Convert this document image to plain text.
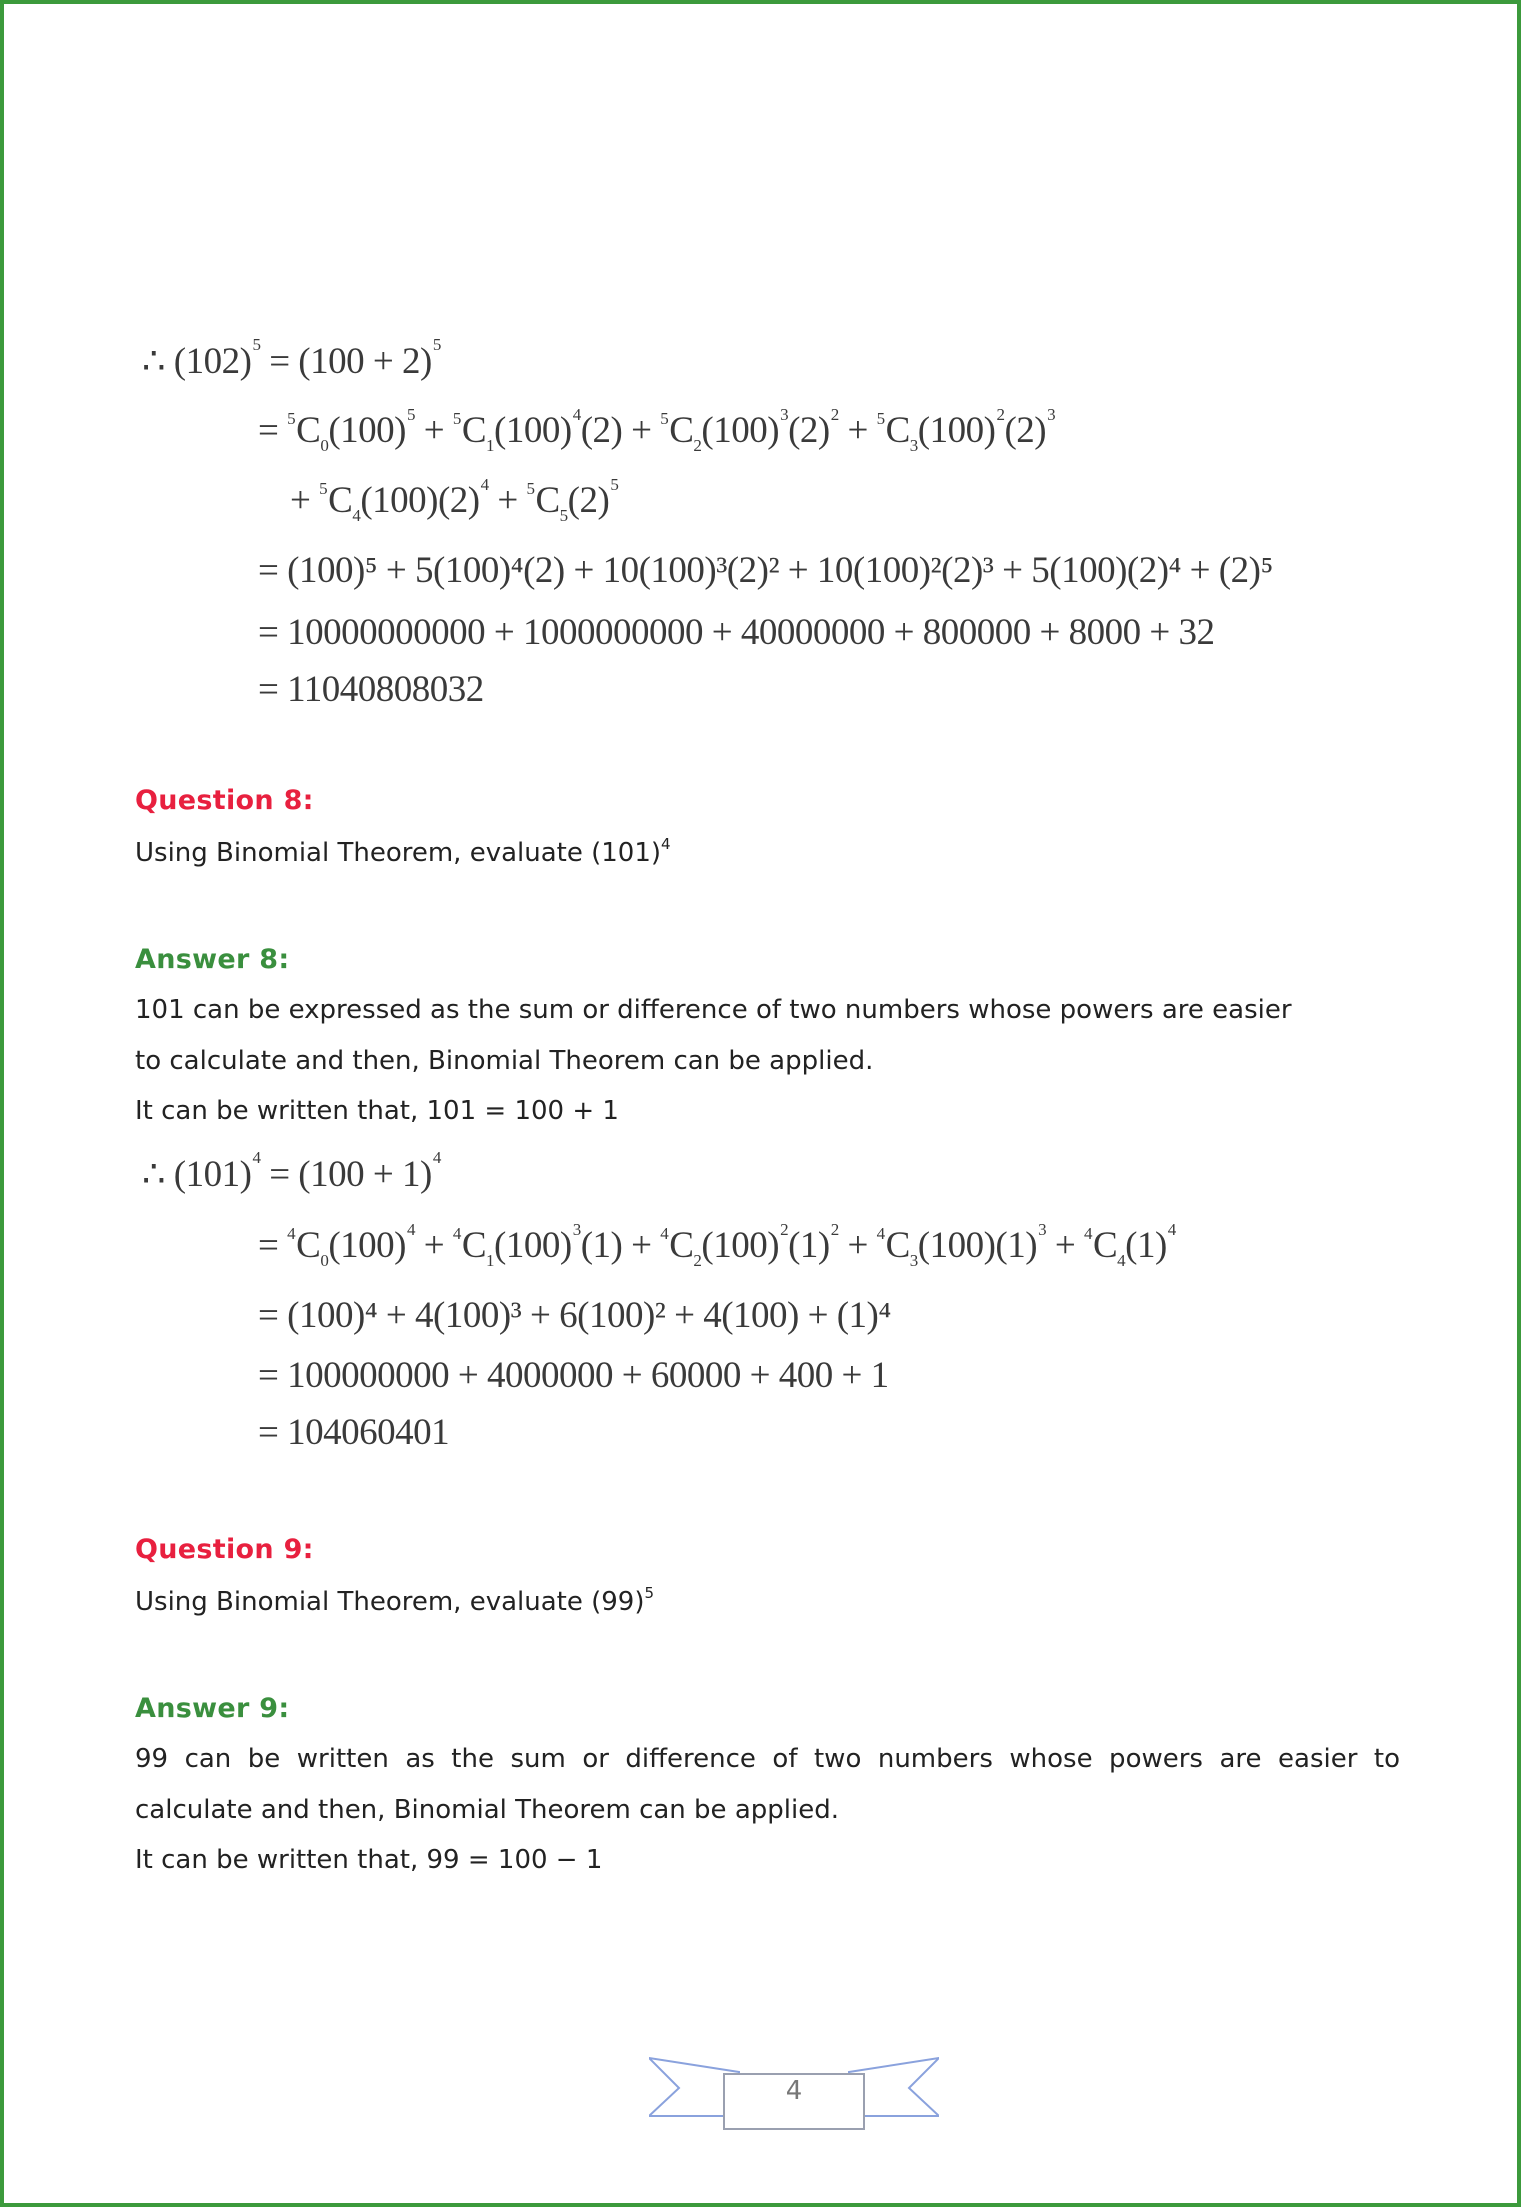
∴ $(102)^5 = (100 + 2)^5$
= $^5C_0(100)^5 + ^5C_1(100)^4(2) + ^5C_2(100)^3(2)^2 + ^5C_3(100)^2(2)^3$
+ $^5C_4(100)(2)^4 + ^5C_5(2)^5$
= (100)⁵ + 5(100)⁴(2) + 10(100)³(2)² + 10(100)²(2)³ + 5(100)(2)⁴ + (2)⁵
= 10000000000 + 1000000000 + 40000000 + 800000 + 8000 + 32
= 11040808032
Question 8:
Using Binomial Theorem, evaluate $(101)^4$
Answer 8:
101 can be expressed as the sum or difference of two numbers whose powers are easier
to calculate and then, Binomial Theorem can be applied.
It can be written that, 101 = 100 + 1
∴ $(101)^4 = (100 + 1)^4$
= $^4C_0(100)^4 + ^4C_1(100)^3(1) + ^4C_2(100)^2(1)^2 + ^4C_3(100)(1)^3 + ^4C_4(1)^4$
= (100)⁴ + 4(100)³ + 6(100)² + 4(100) + (1)⁴
= 100000000 + 4000000 + 60000 + 400 + 1
= 104060401
Question 9:
Using Binomial Theorem, evaluate $(99)^5$
Answer 9:
99 can be written as the sum or difference of two numbers whose powers are easier to
calculate and then, Binomial Theorem can be applied.
It can be written that, 99 = 100 − 1
4
